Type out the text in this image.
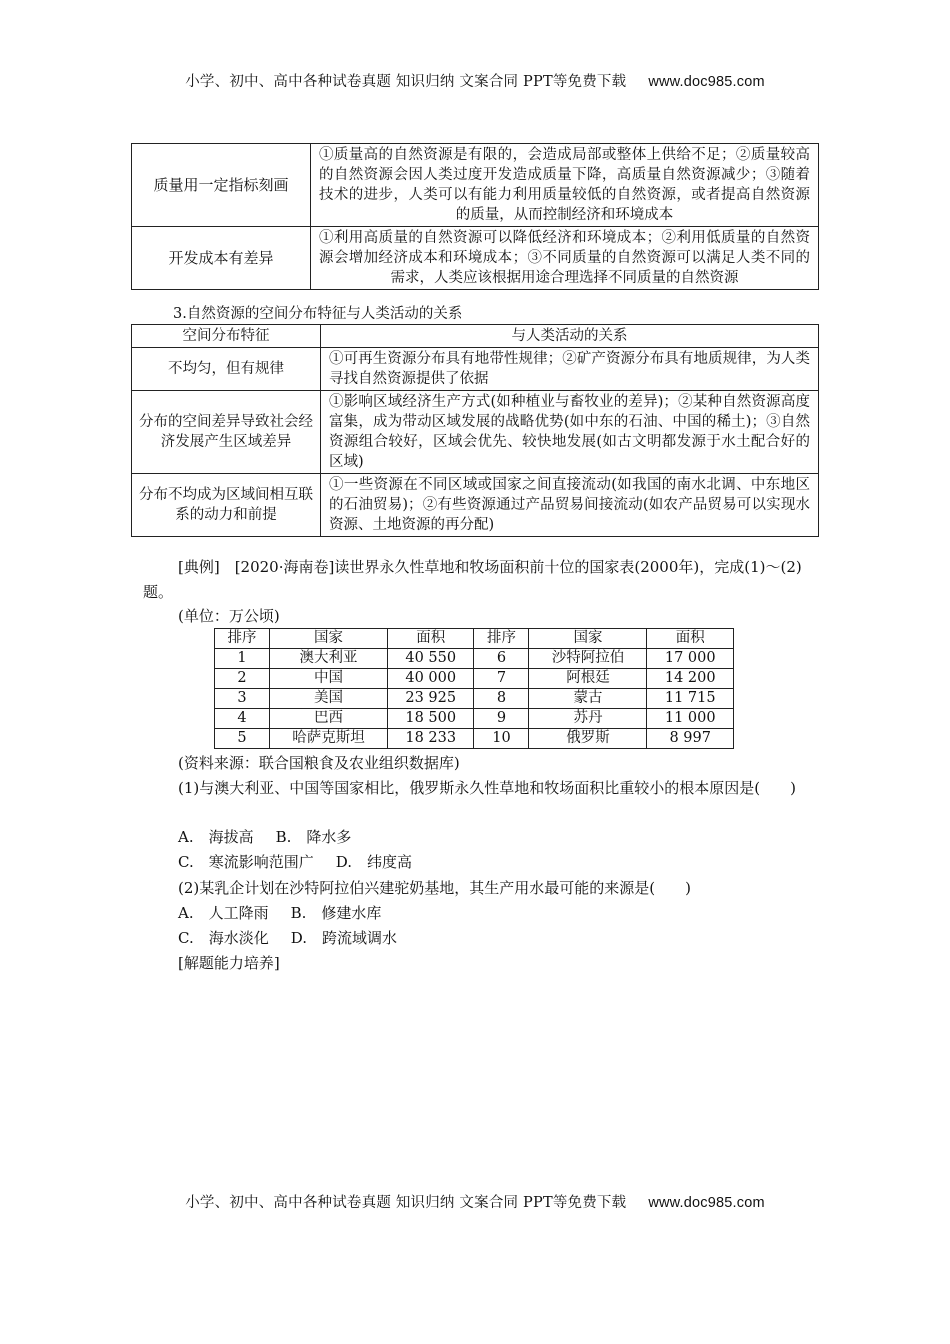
小学、初中、高中各种试卷真题 知识归纳 文案合同 PPT等免费下载 www.doc985.com
质量用一定指标刻画	①质量高的自然资源是有限的，会造成局部或整体上供给不足；②质量较高的自然资源会因人类过度开发造成质量下降，高质量自然资源减少；③随着技术的进步，人类可以有能力利用质量较低的自然资源，或者提高自然资源的质量，从而控制经济和环境成本
开发成本有差异	①利用高质量的自然资源可以降低经济和环境成本；②利用低质量的自然资源会增加经济成本和环境成本；③不同质量的自然资源可以满足人类不同的需求，人类应该根据用途合理选择不同质量的自然资源
3.自然资源的空间分布特征与人类活动的关系
空间分布特征	与人类活动的关系
不均匀，但有规律	①可再生资源分布具有地带性规律；②矿产资源分布具有地质规律，为人类寻找自然资源提供了依据
分布的空间差异导致社会经济发展产生区域差异	①影响区域经济生产方式(如种植业与畜牧业的差异)；②某种自然资源高度富集，成为带动区域发展的战略优势(如中东的石油、中国的稀土)；③自然资源组合较好，区域会优先、较快地发展(如古文明都发源于水土配合好的区域)
分布不均成为区域间相互联系的动力和前提	①一些资源在不同区域或国家之间直接流动(如我国的南水北调、中东地区的石油贸易)；②有些资源通过产品贸易间接流动(如农产品贸易可以实现水资源、土地资源的再分配)
[典例]　[2020·海南卷]读世界永久性草地和牧场面积前十位的国家表(2000年)，完成(1)～(2)题。
(单位：万公顷)
排序	国家	面积	排序	国家	面积
1	澳大利亚	40 550	6	沙特阿拉伯	17 000
2	中国	40 000	7	阿根廷	14 200
3	美国	23 925	8	蒙古	11 715
4	巴西	18 500	9	苏丹	11 000
5	哈萨克斯坦	18 233	10	俄罗斯	8 997
(资料来源：联合国粮食及农业组织数据库)
(1)与澳大利亚、中国等国家相比，俄罗斯永久性草地和牧场面积比重较小的根本原因是(　　)
A.　海拔高 B.　降水多
C.　寒流影响范围广 D.　纬度高
(2)某乳企计划在沙特阿拉伯兴建驼奶基地，其生产用水最可能的来源是(　　)
A.　人工降雨 B.　修建水库
C.　海水淡化 D.　跨流域调水
[解题能力培养]
小学、初中、高中各种试卷真题 知识归纳 文案合同 PPT等免费下载 www.doc985.com
